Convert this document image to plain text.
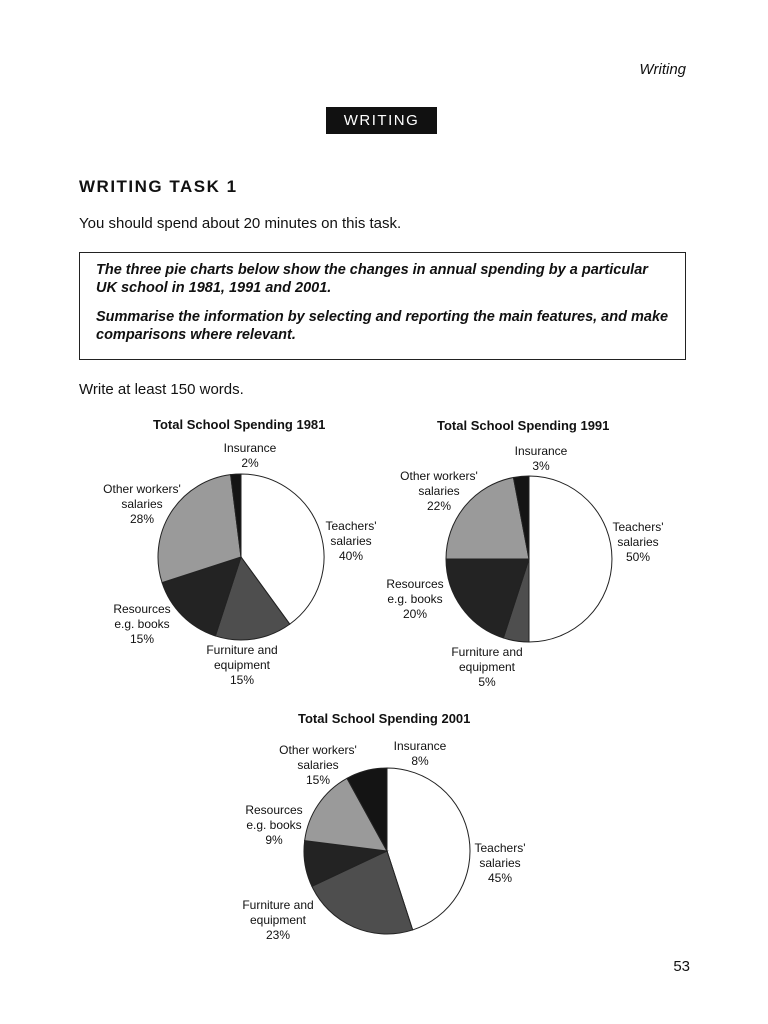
Writing
WRITING
WRITING TASK 1
You should spend about 20 minutes on this task.

The three pie charts below show the changes in annual spending by a particular UK school in 1981, 1991 and 2001.

Summarise the information by selecting and reporting the main features, and make comparisons where relevant.

Write at least 150 words.
Total School Spending 1981
Insurance
2%
Other workers'
salaries
28%	Teachers'
salaries
40%
Resources
e.g. books
15%
Furniture and
equipment
15%
Total School Spending 1991
Insurance
3%
Other workers'
salaries
22%
Teachers'
salaries
50%
Resources
e.g. books
20%
Furniture and
equipment
5%
Total School Spending 2001
Insurance
8%
Other workers'
salaries
15%
Resources
e.g. books
9%
Teachers'
salaries
45%
Furniture and
equipment
23%
53
